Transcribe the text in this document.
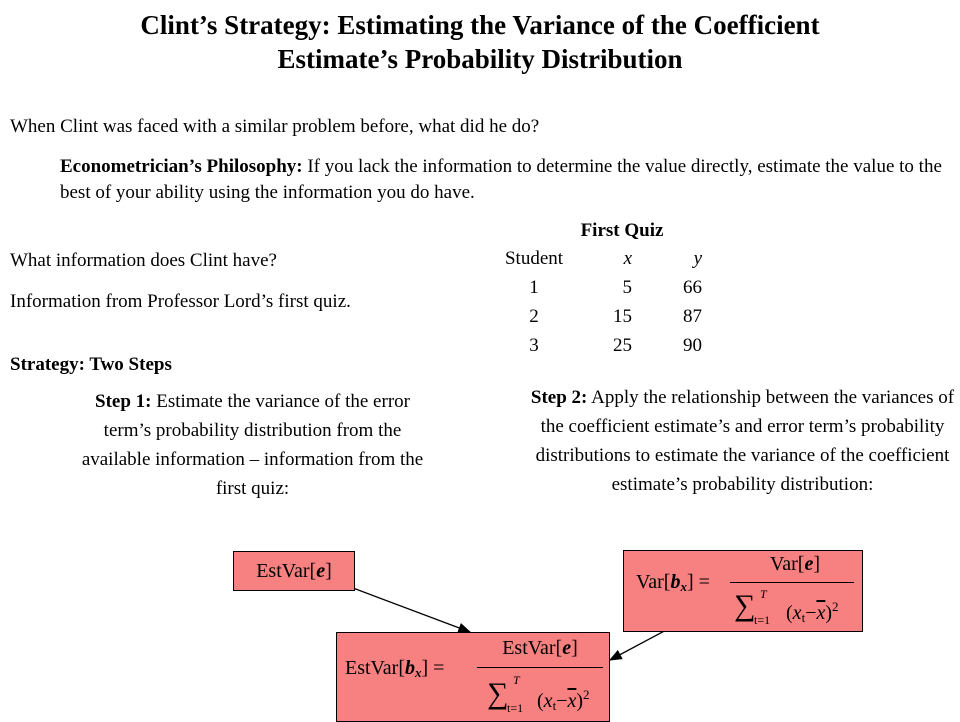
Clint’s Strategy: Estimating the Variance of the Coefficient
Estimate’s Probability Distribution
When Clint was faced with a similar problem before, what did he do?
Econometrician’s Philosophy: If you lack the information to determine the value directly, estimate the value to the best of your ability using the information you do have.
What information does Clint have?
Information from Professor Lord’s first quiz.
First Quiz
Student	x	y
1	5	66
2	15	87
3	25	90
Strategy: Two Steps
Step 1: Estimate the variance of the error term’s probability distribution from the available information – information from the first quiz:
Step 2: Apply the relationship between the variances of the coefficient estimate’s and error term’s probability distributions to estimate the variance of the coefficient estimate’s probability distribution:
EstVar[e]	$Var[b_x]$ =
Var[e]
T
∑
t=1 $(x_t-\overline{x})^2$
$EstVar[b_x]$ =
EstVar[e]
T
∑
t=1 $(x_t-\overline{x})^2$
